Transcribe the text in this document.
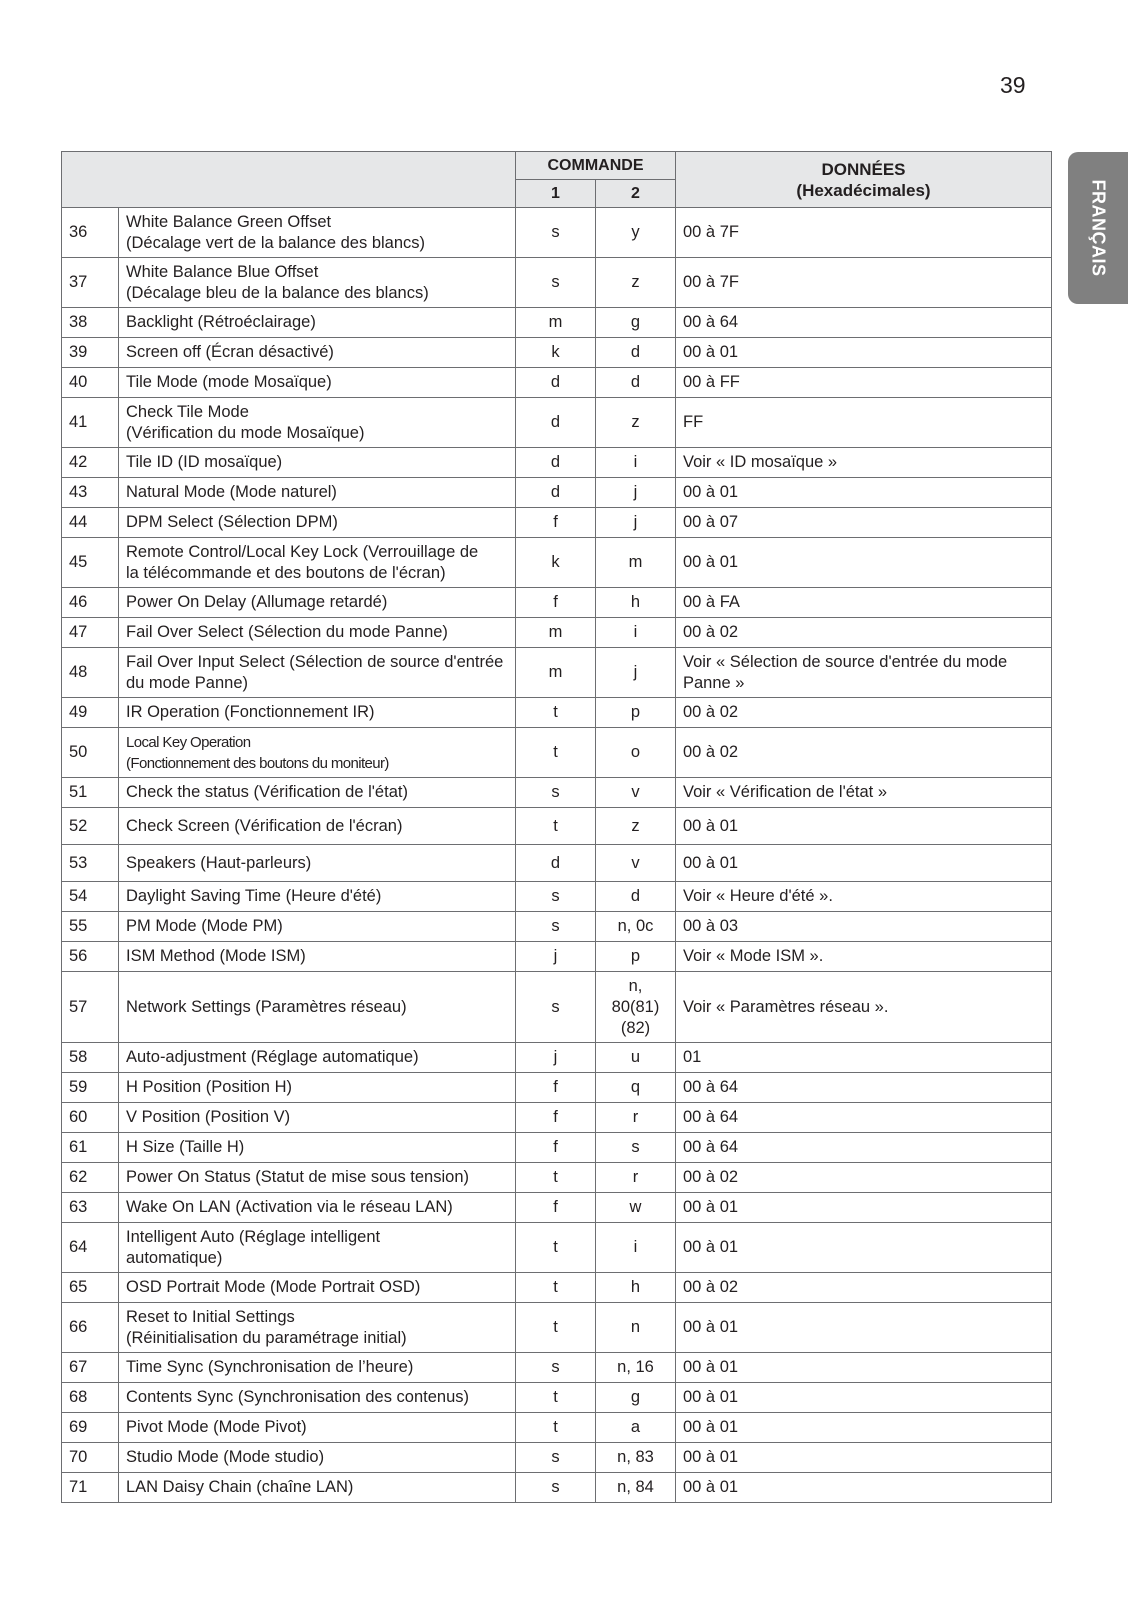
39
FRANÇAIS
		COMMANDE		DONNÉES
(Hexadécimales)

		1	2	
36	White Balance Green Offset
(Décalage vert de la balance des blancs)	s	y	00 à 7F
37	White Balance Blue Offset
(Décalage bleu de la balance des blancs)	s	z	00 à 7F
38	Backlight (Rétroéclairage)	m	g	00 à 64
39	Screen off (Écran désactivé)	k	d	00 à 01
40	Tile Mode (mode Mosaïque)	d	d	00 à FF
41	Check Tile Mode
(Vérification du mode Mosaïque)	d	z	FF
42	Tile ID (ID mosaïque)	d	i	Voir « ID mosaïque »
43	Natural Mode (Mode naturel)	d	j	00 à 01
44	DPM Select (Sélection DPM)	f	j	00 à 07
45	Remote Control/Local Key Lock (Verrouillage de
la télécommande et des boutons de l'écran)	k	m	00 à 01
46	Power On Delay (Allumage retardé)	f	h	00 à FA
47	Fail Over Select (Sélection du mode Panne)	m	i	00 à 02
48	Fail Over Input Select (Sélection de source d'entrée
du mode Panne)	m	j	Voir « Sélection de source d'entrée du mode
Panne »
49	IR Operation (Fonctionnement IR)	t	p	00 à 02
50	Local Key Operation
(Fonctionnement des boutons du moniteur)	t	o	00 à 02
51	Check the status (Vérification de l'état)	s	v	Voir « Vérification de l'état »
52	Check Screen (Vérification de l'écran)	t	z	00 à 01
53	Speakers (Haut-parleurs)	d	v	00 à 01
54	Daylight Saving Time (Heure d'été)	s	d	Voir « Heure d'été ».
55	PM Mode (Mode PM)	s	n, 0c	00 à 03
56	ISM Method (Mode ISM)	j	p	Voir « Mode ISM ».
57	Network Settings (Paramètres réseau)	s	n,
80(81)
(82)	Voir « Paramètres réseau ».
58	Auto-adjustment (Réglage automatique)	j	u	01
59	H Position (Position H)	f	q	00 à 64
60	V Position (Position V)	f	r	00 à 64
61	H Size (Taille H)	f	s	00 à 64
62	Power On Status (Statut de mise sous tension)	t	r	00 à 02
63	Wake On LAN (Activation via le réseau LAN)	f	w	00 à 01
64	Intelligent Auto (Réglage intelligent
automatique)	t	i	00 à 01
65	OSD Portrait Mode (Mode Portrait OSD)	t	h	00 à 02
66	Reset to Initial Settings
(Réinitialisation du paramétrage initial)	t	n	00 à 01
67	Time Sync (Synchronisation de l’heure)	s	n, 16	00 à 01
68	Contents Sync (Synchronisation des contenus)	t	g	00 à 01
69	Pivot Mode (Mode Pivot)	t	a	00 à 01
70	Studio Mode (Mode studio)	s	n, 83	00 à 01
71	LAN Daisy Chain (chaîne LAN)	s	n, 84	00 à 01
